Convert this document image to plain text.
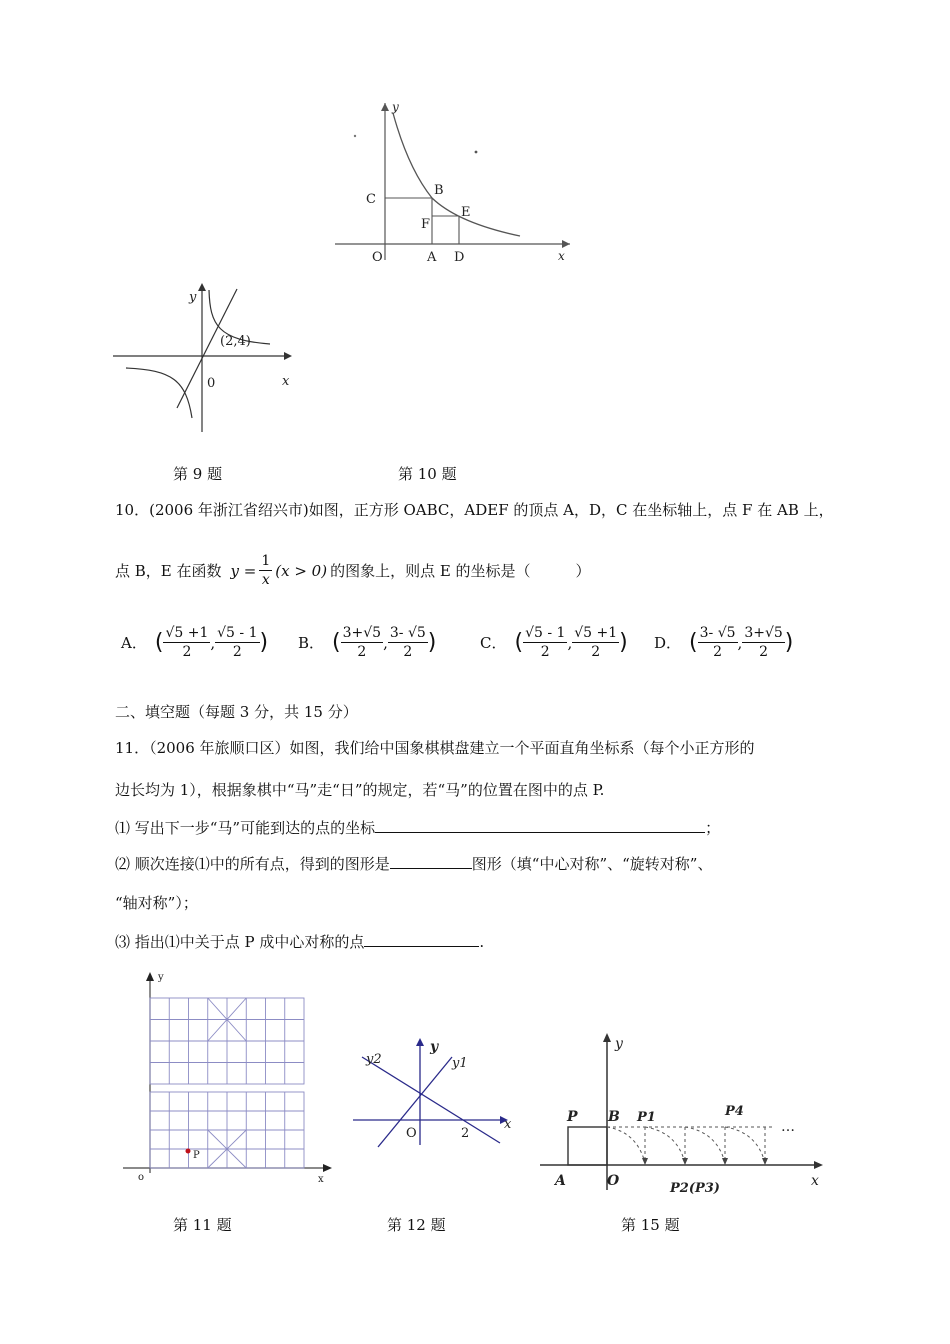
y
x
O	A D
C
B
F
E
y
x
0
(2,4)
第 9 题	第 10 题
10．(2006 年浙江省绍兴市)如图，正方形 OABC，ADEF 的顶点 A，D，C 在坐标轴上，点 F 在 AB 上，
点 B，E 在函数 $y = \frac{1}{x} (x > 0)$ 的图象上，则点 E 的坐标是（　　　）
A． ( $\frac{√5 +1}{2}$ , $\frac{√5 - 1}{2}$ ) B． ( $\frac{3+√5}{2}$ , $\frac{3- √5}{2}$ )	C． ( $\frac{√5 - 1}{2}$ , $\frac{√5 +1}{2}$ ) D． ( $\frac{3- √5}{2}$ , $\frac{3+√5}{2}$ )
二、填空题（每题 3 分，共 15 分）
11．（2006 年旅顺口区）如图，我们给中国象棋棋盘建立一个平面直角坐标系（每个小正方形的
边长均为 1），根据象棋中“马”走“日”的规定，若“马”的位置在图中的点 P.
⑴ 写出下一步“马”可能到达的点的坐标	；
⑵ 顺次连接⑴中的所有点，得到的图形是	图形（填“中心对称”、“旋转对称”、
“轴对称”）；
⑶ 指出⑴中关于点 P 成中心对称的点	.
y
x
o
P
y
x
y1
y2
O	2
y
x
P B
A	O
P1	P4
P2(P3)
…
第 11 题	第 12 题	第 15 题
